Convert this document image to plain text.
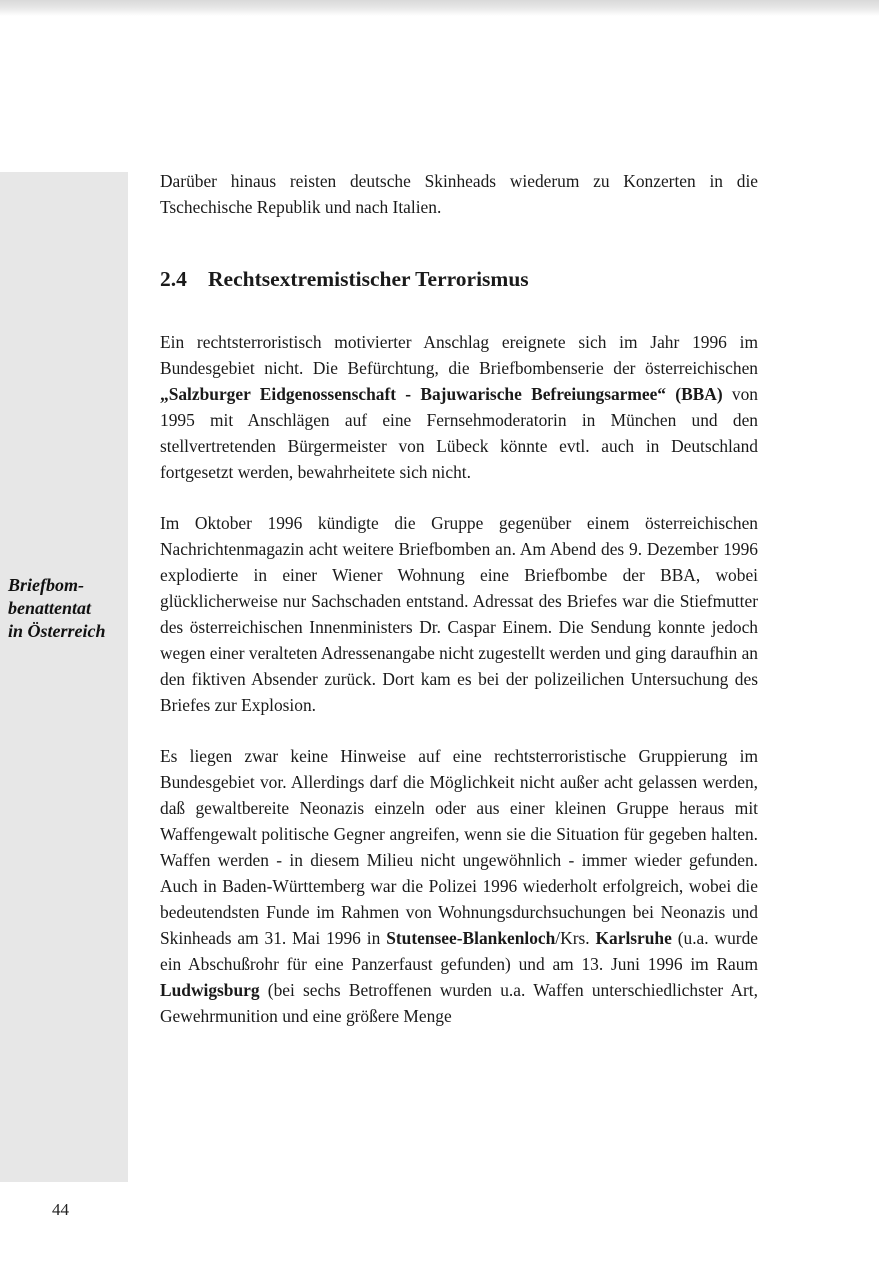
Briefbom-
benattentat
in Österreich

Darüber hinaus reisten deutsche Skinheads wiederum zu Konzerten in die Tschechische Republik und nach Italien.

2.4 Rechtsextremistischer Terrorismus

Ein rechtsterroristisch motivierter Anschlag ereignete sich im Jahr 1996 im Bundesgebiet nicht. Die Befürchtung, die Briefbombenserie der österreichischen „Salzburger Eidgenossenschaft - Bajuwarische Befreiungsarmee“ (BBA) von 1995 mit Anschlägen auf eine Fernsehmoderatorin in München und den stellvertretenden Bürgermeister von Lübeck könnte evtl. auch in Deutschland fortgesetzt werden, bewahrheitete sich nicht.

Im Oktober 1996 kündigte die Gruppe gegenüber einem österreichischen Nachrichtenmagazin acht weitere Briefbomben an. Am Abend des 9. Dezember 1996 explodierte in einer Wiener Wohnung eine Briefbombe der BBA, wobei glücklicherweise nur Sachschaden entstand. Adressat des Briefes war die Stiefmutter des österreichischen Innenministers Dr. Caspar Einem. Die Sendung konnte jedoch wegen einer veralteten Adressenangabe nicht zugestellt werden und ging daraufhin an den fiktiven Absender zurück. Dort kam es bei der polizeilichen Untersuchung des Briefes zur Explosion.

Es liegen zwar keine Hinweise auf eine rechtsterroristische Gruppierung im Bundesgebiet vor. Allerdings darf die Möglichkeit nicht außer acht gelassen werden, daß gewaltbereite Neonazis einzeln oder aus einer kleinen Gruppe heraus mit Waffengewalt politische Gegner angreifen, wenn sie die Situation für gegeben halten. Waffen werden - in diesem Milieu nicht ungewöhnlich - immer wieder gefunden. Auch in Baden-Württemberg war die Polizei 1996 wiederholt erfolgreich, wobei die bedeutendsten Funde im Rahmen von Wohnungsdurchsuchungen bei Neonazis und Skinheads am 31. Mai 1996 in Stutensee-Blankenloch/Krs. Karlsruhe (u.a. wurde ein Abschußrohr für eine Panzerfaust gefunden) und am 13. Juni 1996 im Raum Ludwigsburg (bei sechs Betroffenen wurden u.a. Waffen unterschiedlichster Art, Gewehrmunition und eine größere Menge

44
